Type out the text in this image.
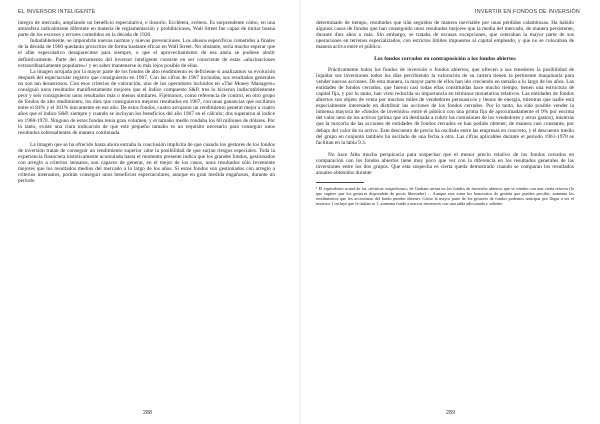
EL INVERSOR INTELIGENTE

íntegro de mercado, ampliando un beneficio especulativo, e ilusorio. Ecclétera, ecétera. Es sorprendente cómo, en una atmósfera radicalmente diferente en materia de reglamentación y prohibiciones, Wall Street fue capaz de imitar buena parte de los excesos y errores cometidos en la década de 1920.

Indudablemente, se impondrán nuevas normas y nuevas prevenciones. Los abusos específicos cometidos a finales de la década de 1960 quedarán proscritos de forma bastante eficaz en Wall Street. No obstante, sería mucho esperar que el afán especulativo desapareciese para siempre, o que el aprovechamiento de esa ansia se pudiese abolir definitivamente. Parte del armamento del inversor inteligente consiste en ser consciente de estas «alucinaciones extraordinariamente populares»¹ y en saber mantenerse lo más lejos posible de ellas.

La imagen arrojada por la mayor parte de los fondos de alto rendimiento es deficiente si analizamos su evolución después del espectacular registro que consiguieron en 1967. Con las cifras de 1967 incluidas, sus resultados generales no son tan desastrosos. Con esos criterios de valoración, uno de los operadores incluidos en «The Money Managers» consiguió unos resultados manifiestamente mejores que el índice compuesto S&P, tres lo hicieron indiscutiblemente peor y seis consiguieron unos resultados más o menos similares. Fijémonos, como referencia de control, en otro grupo de fondos de alto rendimiento, los diez que consiguieron mejores resultados en 1967, con unas ganancias que oscilaron entre el 84% y el 301% únicamente en ese año. De estos fondos, cuatro arrojaron un rendimiento general mejor a cuatro años que el índice S&P, siempre y cuando se incluyan los beneficios del año 1967 en el cálculo; dos superaron al índice en 1968-1970. Ninguno de estos fondos tenía gran volumen, y el tamaño medio rondaba los 60 millones de dólares. Por lo tanto, existe una clara indicación de que este pequeño tamaño es un requisito necesario para conseguir unos resultados sobresalientes de manera continuada.

La imagen que se ha ofrecido hasta ahora entraña la conclusión implícita de que cuando los gestores de los fondos de inversión tratan de conseguir un rendimiento superior cabe la posibilidad de que surjan riesgos especiales. Toda la experiencia financiera históricamente acumulada hasta el momento presente indica que los grandes fondos, gestionados con arreglo a criterios sensatos, son capaces de generar, en el mejor de los casos, unos resultados sólo levemente mejores que los resultados medios del mercado a lo largo de los años. Si estos fondos son gestionados con arreglo a criterios insensatos, podrán conseguir unos beneficios espectaculares, aunque en gran medida engañosos, durante un período

288
INVERTIR EN FONDOS DE INVERSIÓN

determinado de tiempo, resultados que irán seguidos de manera inevitable por unas pérdidas calamitosas. Ha habido algunos casos de fondos que han conseguido unos resultados mejores que la media del mercado, de manera persistente, durante diez años o más. Sin embargo, se trataba de escasas excepciones, que centraban la mayor parte de sus operaciones en terrenos especializados, con estrictos límites impuestos al capital empleado, y que no se colocaban de manera activa entre el público.

Los fondos cerrados en contraposición a los fondos abiertos

Prácticamente todos los fondos de inversión o fondos abiertos, que ofrecen a sus tenedores la posibilidad de liquidar sus inversiones todos los días percibiendo la valoración de su cartera tienen la pertinente maquinaria para vender nuevas acciones. De esta manera, la mayor parte de ellos han ido creciendo en tamaño a lo largo de los años. Las entidades de fondos cerrados, que fueron casi todas ellas constituidas hace mucho tiempo, tienen una estructura de capital fija, y por lo tanto, han visto reducida su importancia en términos monetarios relativos. Las entidades de fondos abiertos son objeto de venta por muchos miles de vendedores persuasivos y llenos de energía, mientras que nadie está especialmente interesado en distribuir las acciones de los fondos cerrados. Por lo tanto, ha sido posible vender la inmensa mayoría de «fondos de inversión» entre el público con una prima fija de aproximadamente el 9% por encima del valor neto de los activos (prima que irá destinada a cubrir las comisiones de los vendedores y otros gastos), mientras que la mayoría de las acciones de entidades de fondos cerrados se han podido obtener, de manera casi constante, por debajo del valor de su activo. Este descuento de precio ha oscilado entre las empresas en concreto, y el descuento medio del grupo en conjunto también ha oscilado de una fecha a otra. Las cifras aplicables durante el periodo 1961-1970 se facilitan en la tabla 9.3.

No hace falta mucha perspicacia para sospechar que el menor precio relativo de los fondos cerrados en comparación con los fondos abiertos tiene muy poco que ver con la diferencia en los resultados generales de las inversiones entre los dos grupos. Que esta sospecha es cierta queda demostrado cuando se comparan los resultados anuales obtenidos durante

¹ El equivalente actual de las «técnicas sospechosas» de Graham serían no los fondos de inversión abiertos que se venden con una cierta reserva (lo que sugiere que los gestores dispondrán de pocas libertades) ... Aunque este toma los honorarios de gestión que pueden percibir, aumenta los rendimientos que los accionistas del fondo pueden obtener. Cómo la mayor parte de los gestores de fondos podemos anticipar por llegar a ser el inversor 1 incluye que le titulan se 1, aumenta fondo a nuevos inversores con una tabla adicionada y saliente.
289
